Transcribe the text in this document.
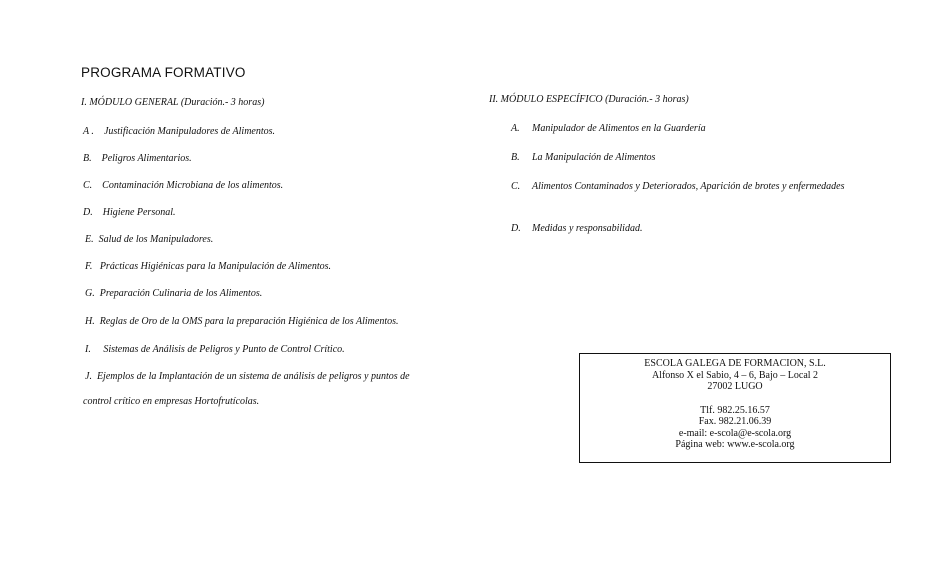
PROGRAMA FORMATIVO
I. MÓDULO GENERAL (Duración.- 3 horas)
A . Justificación Manipuladores de Alimentos.
B. Peligros Alimentarios.
C. Contaminación Microbiana de los alimentos.
D. Higiene Personal.
E. Salud de los Manipuladores.
F. Prácticas Higiénicas para la Manipulación de Alimentos.
G. Preparación Culinaria de los Alimentos.
H. Reglas de Oro de la OMS para la preparación Higiénica de los Alimentos.
I. Sistemas de Análisis de Peligros y Punto de Control Crítico.
J. Ejemplos de la Implantación de un sistema de análisis de peligros y puntos de
control crítico en empresas Hortofrutícolas.
II. MÓDULO ESPECÍFICO (Duración.- 3 horas)
A. Manipulador de Alimentos en la Guardería
B. La Manipulación de Alimentos
C. Alimentos Contaminados y Deteriorados, Aparición de brotes y enfermedades
D. Medidas y responsabilidad.
ESCOLA GALEGA DE FORMACION, S.L.
Alfonso X el Sabio, 4 – 6, Bajo – Local 2
27002 LUGO
Tlf. 982.25.16.57
Fax. 982.21.06.39
e-mail: e-scola@e-scola.org
Página web: www.e-scola.org
